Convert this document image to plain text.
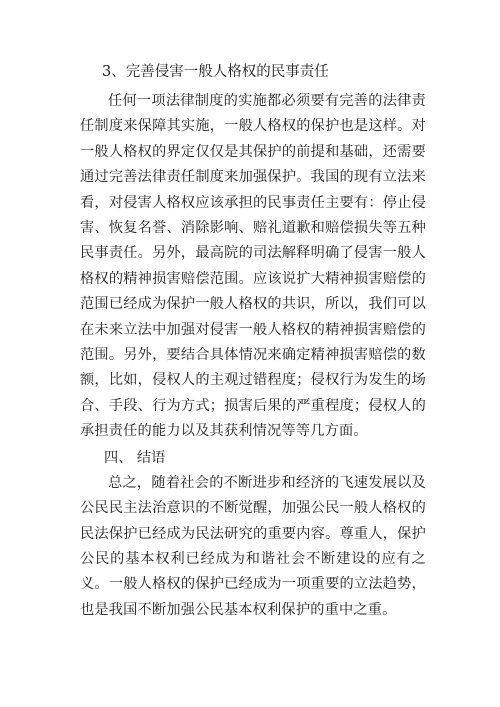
3、完善侵害一般人格权的民事责任

任何一项法律制度的实施都必须要有完善的法律责任制度来保障其实施，一般人格权的保护也是这样。对一般人格权的界定仅仅是其保护的前提和基础，还需要通过完善法律责任制度来加强保护。我国的现有立法来看，对侵害人格权应该承担的民事责任主要有：停止侵害、恢复名誉、消除影响、赔礼道歉和赔偿损失等五种民事责任。另外，最高院的司法解释明确了侵害一般人格权的精神损害赔偿范围。应该说扩大精神损害赔偿的范围已经成为保护一般人格权的共识，所以，我们可以在未来立法中加强对侵害一般人格权的精神损害赔偿的范围。另外，要结合具体情况来确定精神损害赔偿的数额，比如，侵权人的主观过错程度；侵权行为发生的场合、手段、行为方式；损害后果的严重程度；侵权人的承担责任的能力以及其获利情况等等几方面。

四、 结语

总之，随着社会的不断进步和经济的飞速发展以及公民民主法治意识的不断觉醒，加强公民一般人格权的民法保护已经成为民法研究的重要内容。尊重人，保护公民的基本权利已经成为和谐社会不断建设的应有之义。一般人格权的保护已经成为一项重要的立法趋势，也是我国不断加强公民基本权利保护的重中之重。
